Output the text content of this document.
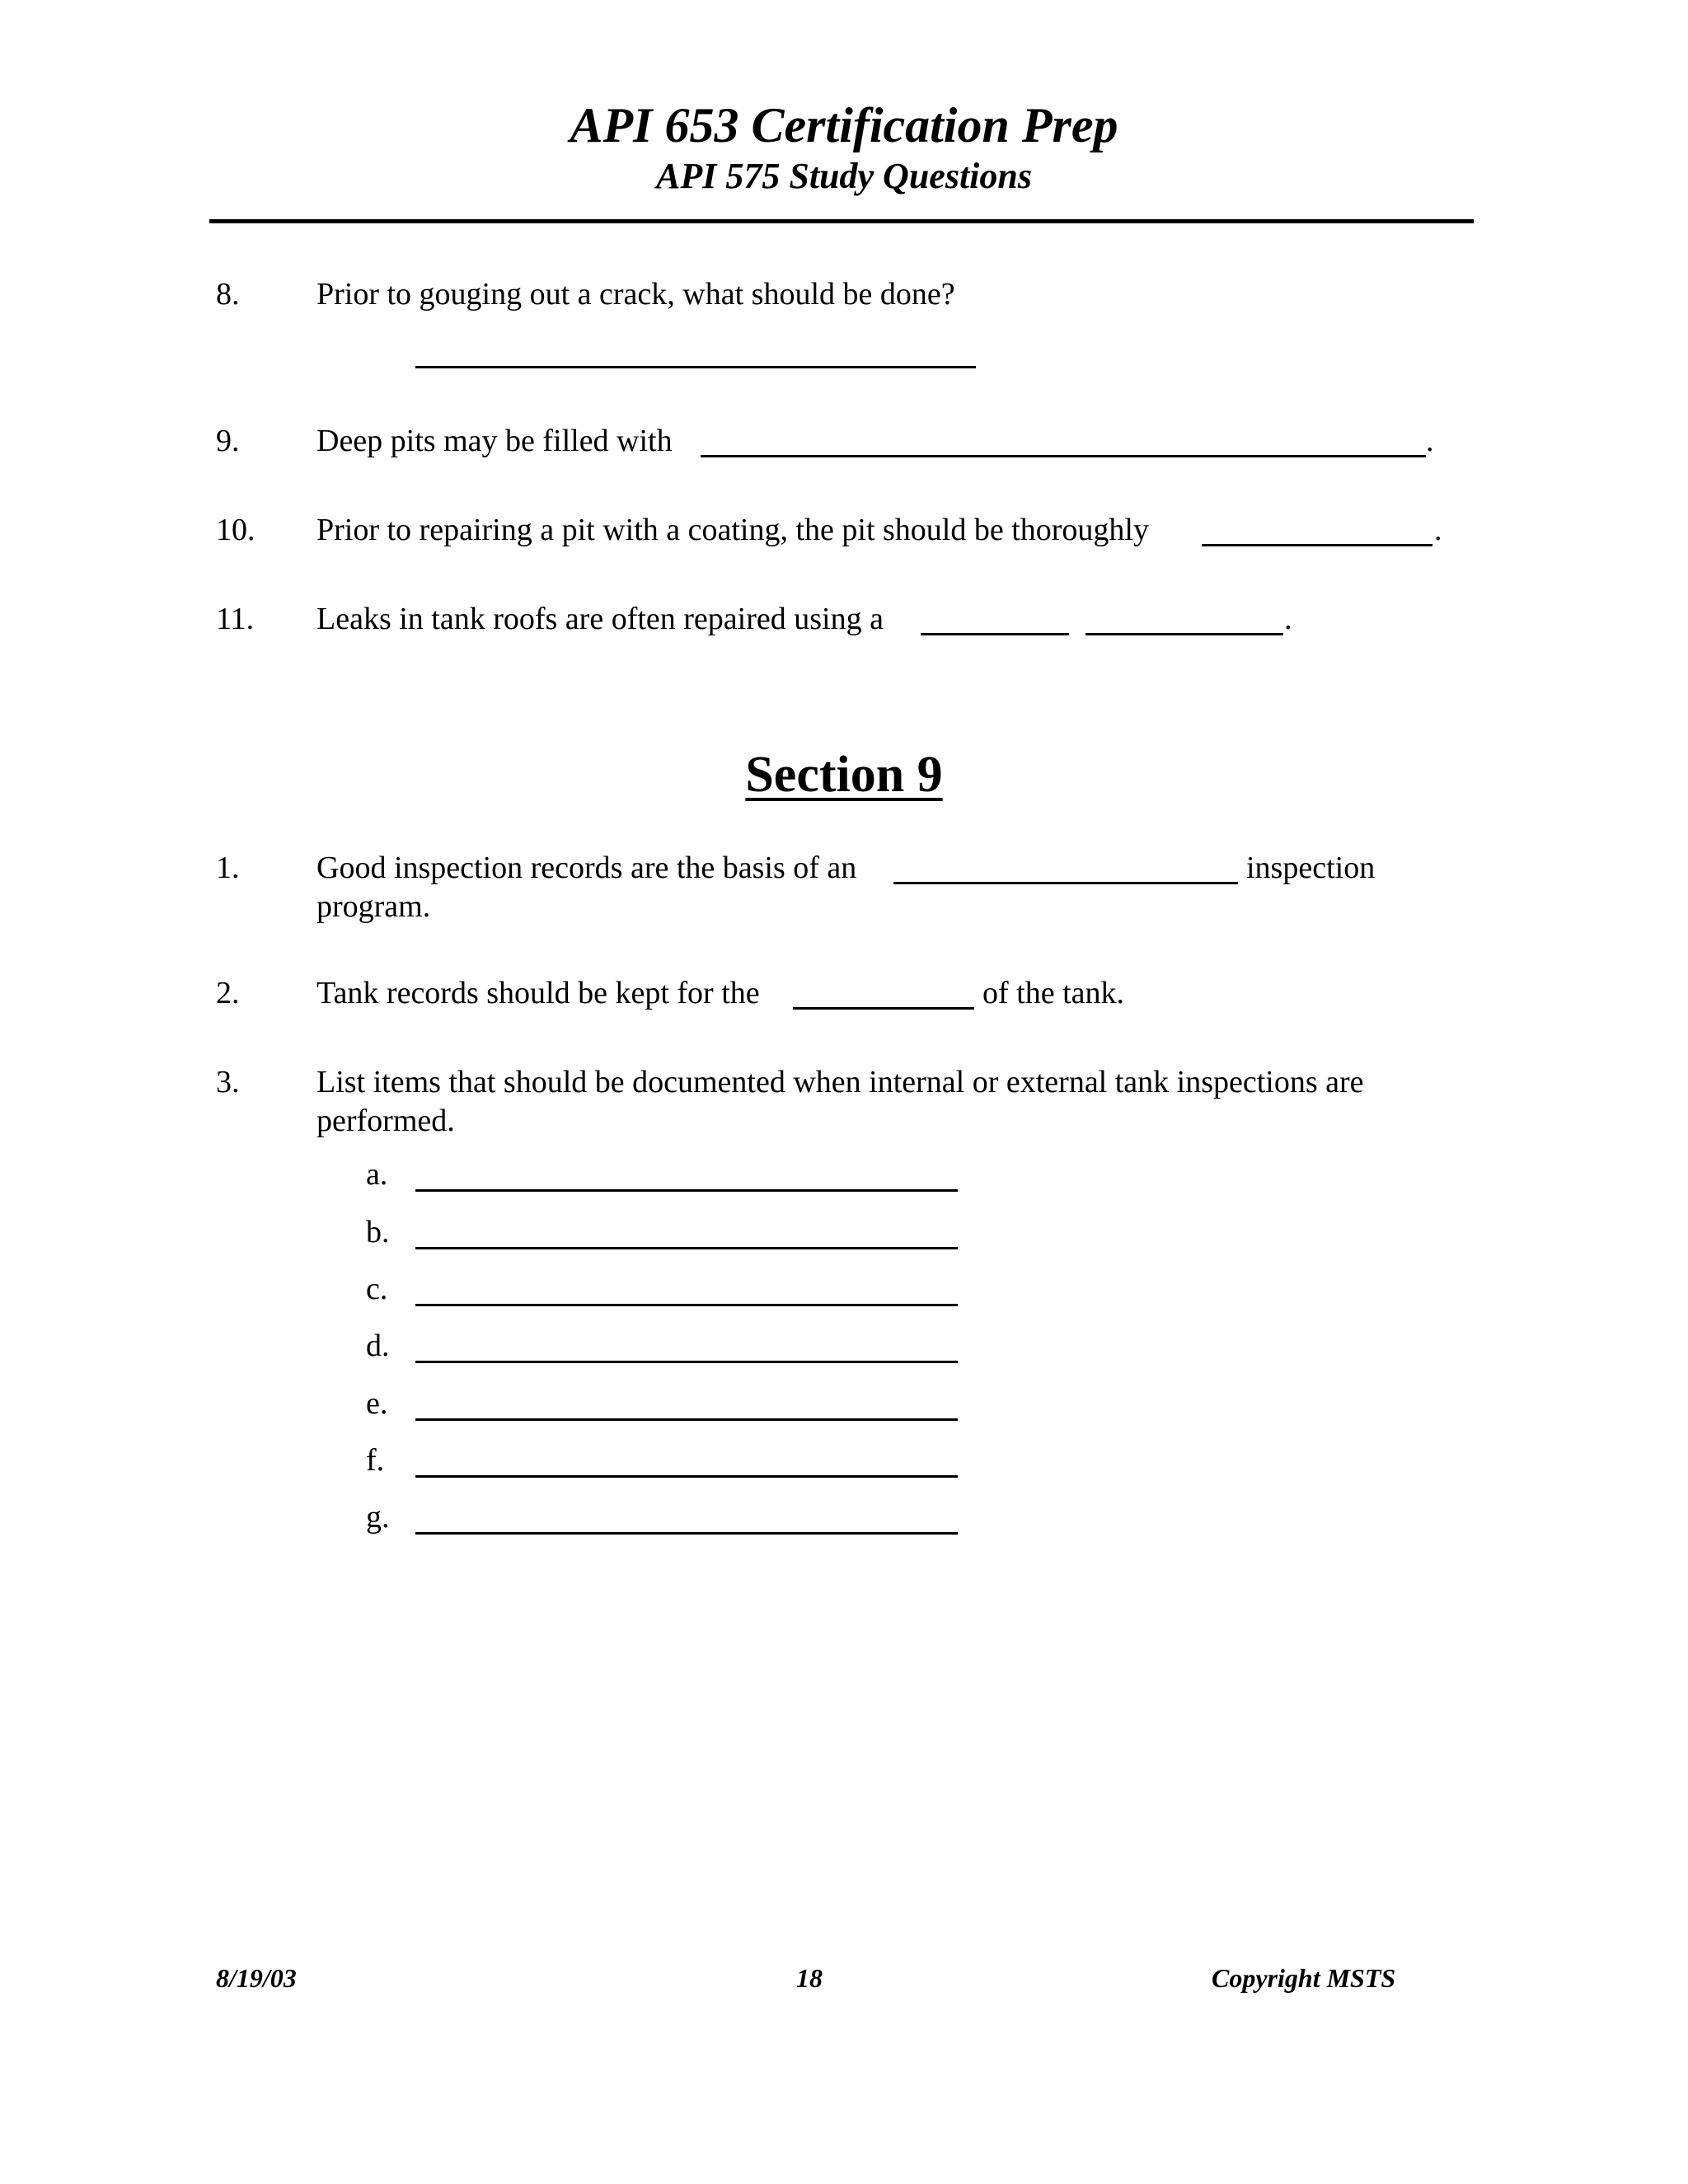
API 653 Certification Prep
API 575 Study Questions
8. Prior to gouging out a crack, what should be done?
9. Deep pits may be filled with	.
10. Prior to repairing a pit with a coating, the pit should be thoroughly	.
11. Leaks in tank roofs are often repaired using a	.
Section 9
1. Good inspection records are the basis of an	inspection
program.
2. Tank records should be kept for the	of the tank.
3. List items that should be documented when internal or external tank inspections are
performed.
a.
b.
c.
d.
e.
f.
g.
8/19/03	18	Copyright MSTS
